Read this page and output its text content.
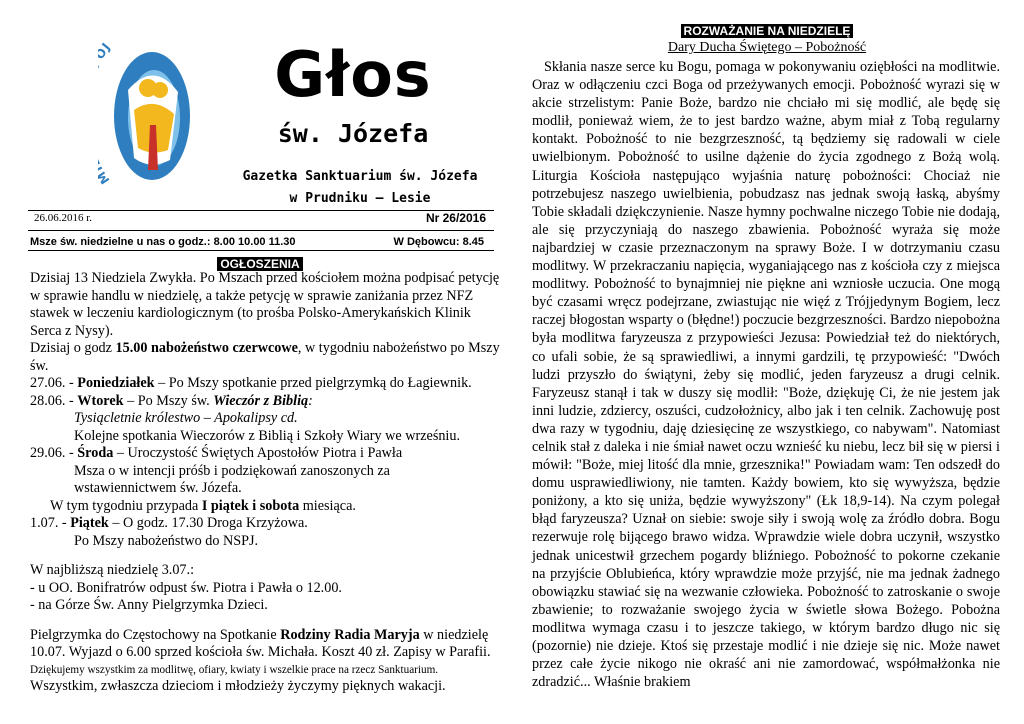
J	Głos
św. Józefa
Gazetka Sanktuarium św. Józefa
w Prudniku – Lesie
26.06.2016 r.	Nr 26/2016
Msze św. niedzielne u nas o godz.: 8.00 10.00 11.30	W Dębowcu: 8.45
OGŁOSZENIA

Dzisiaj 13 Niedziela Zwykła. Po Mszach przed kościołem można podpisać petycję w sprawie handlu w niedzielę, a także petycję w sprawie zaniżania przez NFZ stawek w leczeniu kardiologicznym (to prośba Polsko-Amerykańskich Klinik Serca z Nysy).

Dzisiaj o godz 15.00 nabożeństwo czerwcowe, w tygodniu nabożeństwo po Mszy św.

27.06. - Poniedziałek – Po Mszy spotkanie przed pielgrzymką do Łagiewnik.

28.06. - Wtorek – Po Mszy św. Wieczór z Biblią:

Tysiącletnie królestwo – Apokalipsy cd.

Kolejne spotkania Wieczorów z Biblią i Szkoły Wiary we wrześniu.

29.06. - Środa – Uroczystość Świętych Apostołów Piotra i Pawła

Msza o w intencji próśb i podziękowań zanoszonych za

wstawiennictwem św. Józefa.

W tym tygodniu przypada I piątek i sobota miesiąca.

1.07. - Piątek – O godz. 17.30 Droga Krzyżowa.

Po Mszy nabożeństwo do NSPJ.

W najbliższą niedzielę 3.07.:

- u OO. Bonifratrów odpust św. Piotra i Pawła o 12.00.

- na Górze Św. Anny Pielgrzymka Dzieci.

Pielgrzymka do Częstochowy na Spotkanie Rodziny Radia Maryja w niedzielę 10.07. Wyjazd o 6.00 sprzed kościoła św. Michała. Koszt 40 zł. Zapisy w Parafii.

Dziękujemy wszystkim za modlitwę, ofiary, kwiaty i wszelkie prace na rzecz Sanktuarium.

Wszystkim, zwłaszcza dzieciom i młodzieży życzymy pięknych wakacji.

ROZWAŻANIE NA NIEDZIELĘ
Dary Ducha Świętego – Pobożność
Skłania nasze serce ku Bogu, pomaga w pokonywaniu oziębłości na modlitwie. Oraz w odłączeniu czci Boga od przeżywanych emocji. Pobożność wyrazi się w akcie strzelistym: Panie Boże, bardzo nie chciało mi się modlić, ale będę się modlił, ponieważ wiem, że to jest bardzo ważne, abym miał z Tobą regularny kontakt. Pobożność to nie bezgrzeszność, tą będziemy się radowali w ciele uwielbionym. Pobożność to usilne dążenie do życia zgodnego z Bożą wolą. Liturgia Kościoła następująco wyjaśnia naturę pobożności: Chociaż nie potrzebujesz naszego uwielbienia, pobudzasz nas jednak swoją łaską, abyśmy Tobie składali dziękczynienie. Nasze hymny pochwalne niczego Tobie nie dodają, ale się przyczyniają do naszego zbawienia. Pobożność wyraża się może najbardziej w czasie przeznaczonym na sprawy Boże. I w dotrzymaniu czasu modlitwy. W przekraczaniu napięcia, wyganiającego nas z kościoła czy z miejsca modlitwy. Pobożność to bynajmniej nie piękne ani wzniosłe uczucia. One mogą być czasami wręcz podejrzane, zwiastując nie więź z Trójjedynym Bogiem, lecz raczej błogostan wsparty o (błędne!) poczucie bezgrzeszności. Bardzo niepobożna była modlitwa faryzeusza z przypowieści Jezusa: Powiedział też do niektórych, co ufali sobie, że są sprawiedliwi, a innymi gardzili, tę przypowieść: "Dwóch ludzi przyszło do świątyni, żeby się modlić, jeden faryzeusz a drugi celnik. Faryzeusz stanął i tak w duszy się modlił: "Boże, dziękuję Ci, że nie jestem jak inni ludzie, zdzierсy, oszuści, cudzołożnicy, albo jak i ten celnik. Zachowuję post dwa razy w tygodniu, daję dziesięcinę ze wszystkiego, co nabywam". Natomiast celnik stał z daleka i nie śmiał nawet oczu wznieść ku niebu, lecz bił się w piersi i mówił: "Boże, miej litość dla mnie, grzesznika!" Powiadam wam: Ten odszedł do domu usprawiedliwiony, nie tamten. Każdy bowiem, kto się wywyższa, będzie poniżony, a kto się uniża, będzie wywyższony" (Łk 18,9-14). Na czym polegał błąd faryzeusza? Uznał on siebie: swoje siły i swoją wolę za źródło dobra. Bogu rezerwuje rolę bijącego brawo widza. Wprawdzie wiele dobra uczynił, wszystko jednak unicestwił grzechem pogardy bliźniego. Pobożność to pokorne czekanie na przyjście Oblubieńca, który wprawdzie może przyjść, nie ma jednak żadnego obowiązku stawiać się na wezwanie człowieka. Pobożność to zatroskanie o swoje zbawienie; to rozważanie swojego życia w świetle słowa Bożego. Pobożna modlitwa wymaga czasu i to jeszcze takiego, w którym bardzo długo nic się (pozornie) nie dzieje. Ktoś się przestaje modlić i nie dzieje się nic. Może nawet przez całe życie nikogo nie okraść ani nie zamordować, współmałżonka nie zdradzić... Właśnie brakiem
